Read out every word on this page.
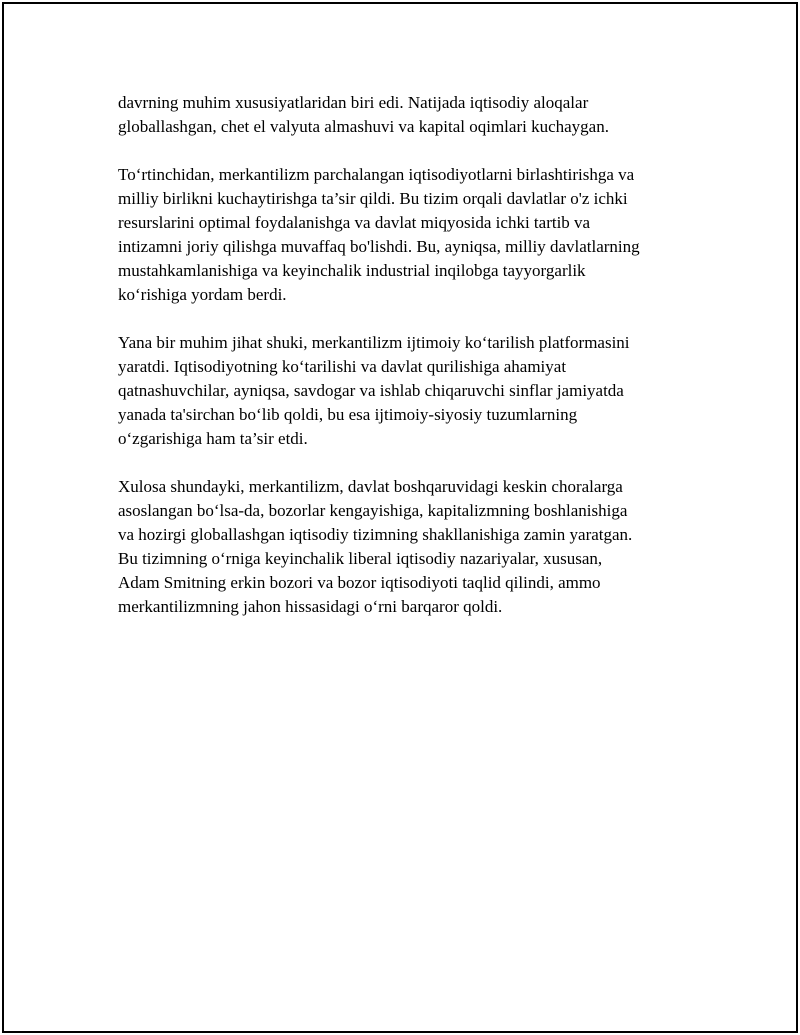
davrning muhim xususiyatlaridan biri edi. Natijada iqtisodiy aloqalar
globallashgan, chet el valyuta almashuvi va kapital oqimlari kuchaygan.

To‘rtinchidan, merkantilizm parchalangan iqtisodiyotlarni birlashtirishga va
milliy birlikni kuchaytirishga ta’sir qildi. Bu tizim orqali davlatlar o'z ichki
resurslarini optimal foydalanishga va davlat miqyosida ichki tartib va
intizamni joriy qilishga muvaffaq bo'lishdi. Bu, ayniqsa, milliy davlatlarning
mustahkamlanishiga va keyinchalik industrial inqilobga tayyorgarlik
ko‘rishiga yordam berdi.

Yana bir muhim jihat shuki, merkantilizm ijtimoiy ko‘tarilish platformasini
yaratdi. Iqtisodiyotning ko‘tarilishi va davlat qurilishiga ahamiyat
qatnashuvchilar, ayniqsa, savdogar va ishlab chiqaruvchi sinflar jamiyatda
yanada ta'sirchan bo‘lib qoldi, bu esa ijtimoiy-siyosiy tuzumlarning
o‘zgarishiga ham ta’sir etdi.

Xulosa shundayki, merkantilizm, davlat boshqaruvidagi keskin choralarga
asoslangan bo‘lsa-da, bozorlar kengayishiga, kapitalizmning boshlanishiga
va hozirgi globallashgan iqtisodiy tizimning shakllanishiga zamin yaratgan.
Bu tizimning o‘rniga keyinchalik liberal iqtisodiy nazariyalar, xususan,
Adam Smitning erkin bozori va bozor iqtisodiyoti taqlid qilindi, ammo
merkantilizmning jahon hissasidagi o‘rni barqaror qoldi.
